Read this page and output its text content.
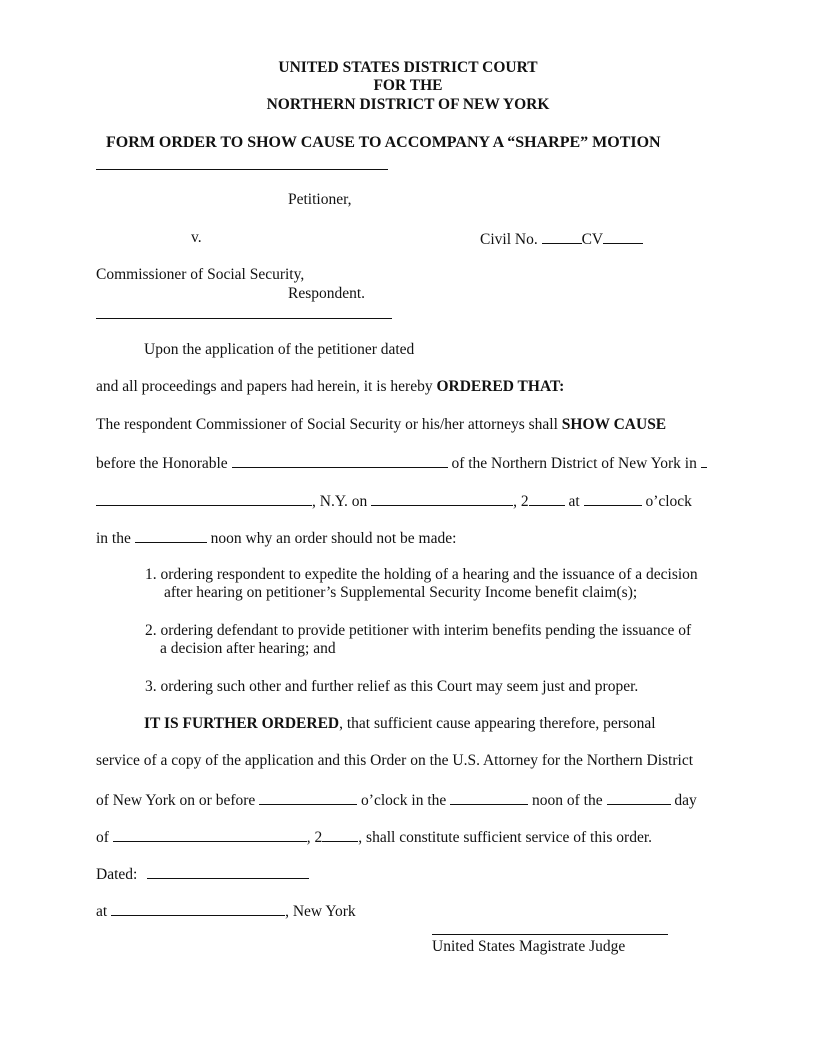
UNITED STATES DISTRICT COURT
FOR THE
NORTHERN DISTRICT OF NEW YORK
FORM ORDER TO SHOW CAUSE TO ACCOMPANY A “SHARPE” MOTION
Petitioner,
v.	Civil No.	CV
Commissioner of Social Security,
Respondent.
Upon the application of the petitioner dated
and all proceedings and papers had herein, it is hereby ORDERED THAT:
The respondent Commissioner of Social Security or his/her attorneys shall SHOW CAUSE
before the Honorable	of the Northern District of New York in
, N.Y. on	, 2	at	o’clock
in the	noon why an order should not be made:
1. ordering respondent to expedite the holding of a hearing and the issuance of a decision
after hearing on petitioner’s Supplemental Security Income benefit claim(s);
2. ordering defendant to provide petitioner with interim benefits pending the issuance of
a decision after hearing; and
3. ordering such other and further relief as this Court may seem just and proper.
IT IS FURTHER ORDERED, that sufficient cause appearing therefore, personal
service of a copy of the application and this Order on the U.S. Attorney for the Northern District
of New York on or before	o’clock in the	noon of the	day
of	, 2 , shall constitute sufficient service of this order.
Dated:
at	, New York
United States Magistrate Judge
